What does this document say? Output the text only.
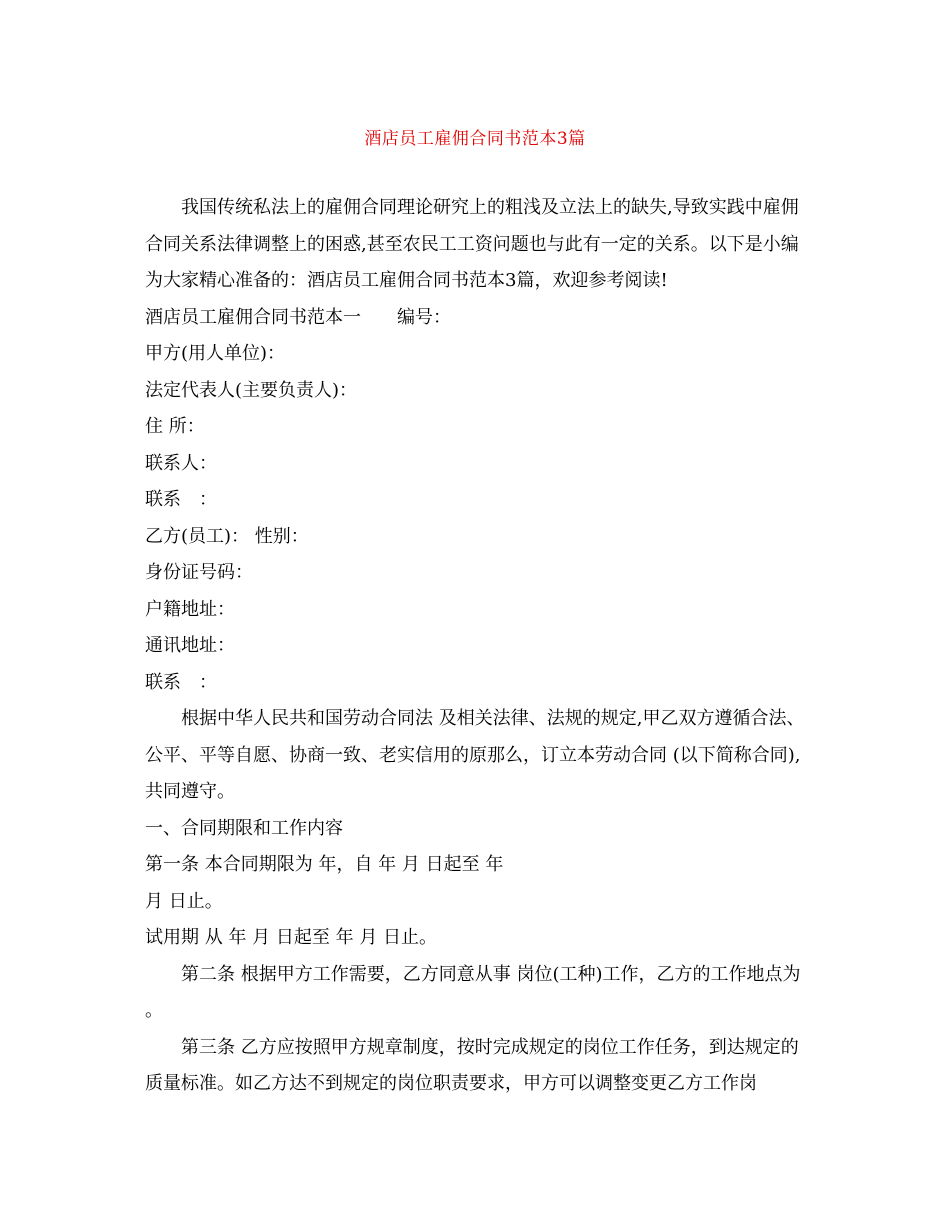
酒店员工雇佣合同书范本3篇

我国传统私法上的雇佣合同理论研究上的粗浅及立法上的缺失,导致实践中雇佣合同关系法律调整上的困惑,甚至农民工工资问题也与此有一定的关系。以下是小编为大家精心准备的：酒店员工雇佣合同书范本3篇，欢迎参考阅读!

酒店员工雇佣合同书范本一 编号：

甲方(用人单位)：

法定代表人(主要负责人)：

住 所：

联系人：

联系　：

乙方(员工)： 性别：

身份证号码：

户籍地址：

通讯地址：

联系　：

根据中华人民共和国劳动合同法 及相关法律、法规的规定,甲乙双方遵循合法、公平、平等自愿、协商一致、老实信用的原那么，订立本劳动合同 (以下简称合同),共同遵守。

一、合同期限和工作内容

第一条 本合同期限为 年，自 年 月 日起至 年

月 日止。

试用期 从 年 月 日起至 年 月 日止。

第二条 根据甲方工作需要，乙方同意从事 岗位(工种)工作，乙方的工作地点为 。

第三条 乙方应按照甲方规章制度，按时完成规定的岗位工作任务，到达规定的质量标准。如乙方达不到规定的岗位职责要求，甲方可以调整变更乙方工作岗
